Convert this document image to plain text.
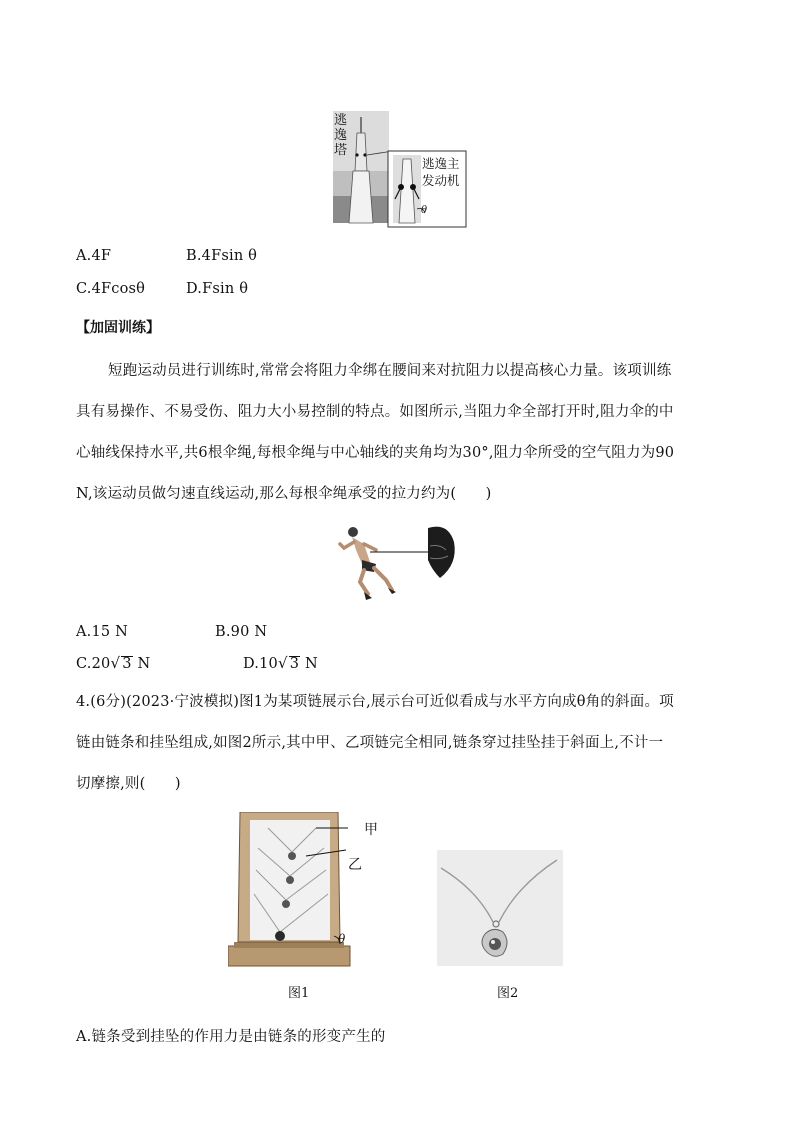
逃逸塔
逃逸主发动机
θ
A.4F	B.4Fsin θ
C.4Fcosθ	D.Fsin θ
【加固训练】
短跑运动员进行训练时,常常会将阻力伞绑在腰间来对抗阻力以提高核心力量。该项训练
具有易操作、不易受伤、阻力大小易控制的特点。如图所示,当阻力伞全部打开时,阻力伞的中
心轴线保持水平,共6根伞绳,每根伞绳与中心轴线的夹角均为30°,阻力伞所受的空气阻力为90
N,该运动员做匀速直线运动,那么每根伞绳承受的拉力约为(　　)
A.15 N	B.90 N
C.20√ 3 N	D.10√ 3 N
4.(6分)(2023·宁波模拟)图1为某项链展示台,展示台可近似看成与水平方向成θ角的斜面。项
链由链条和挂坠组成,如图2所示,其中甲、乙项链完全相同,链条穿过挂坠挂于斜面上,不计一
切摩擦,则(　　)
甲
乙
θ
图1	图2
A.链条受到挂坠的作用力是由链条的形变产生的
